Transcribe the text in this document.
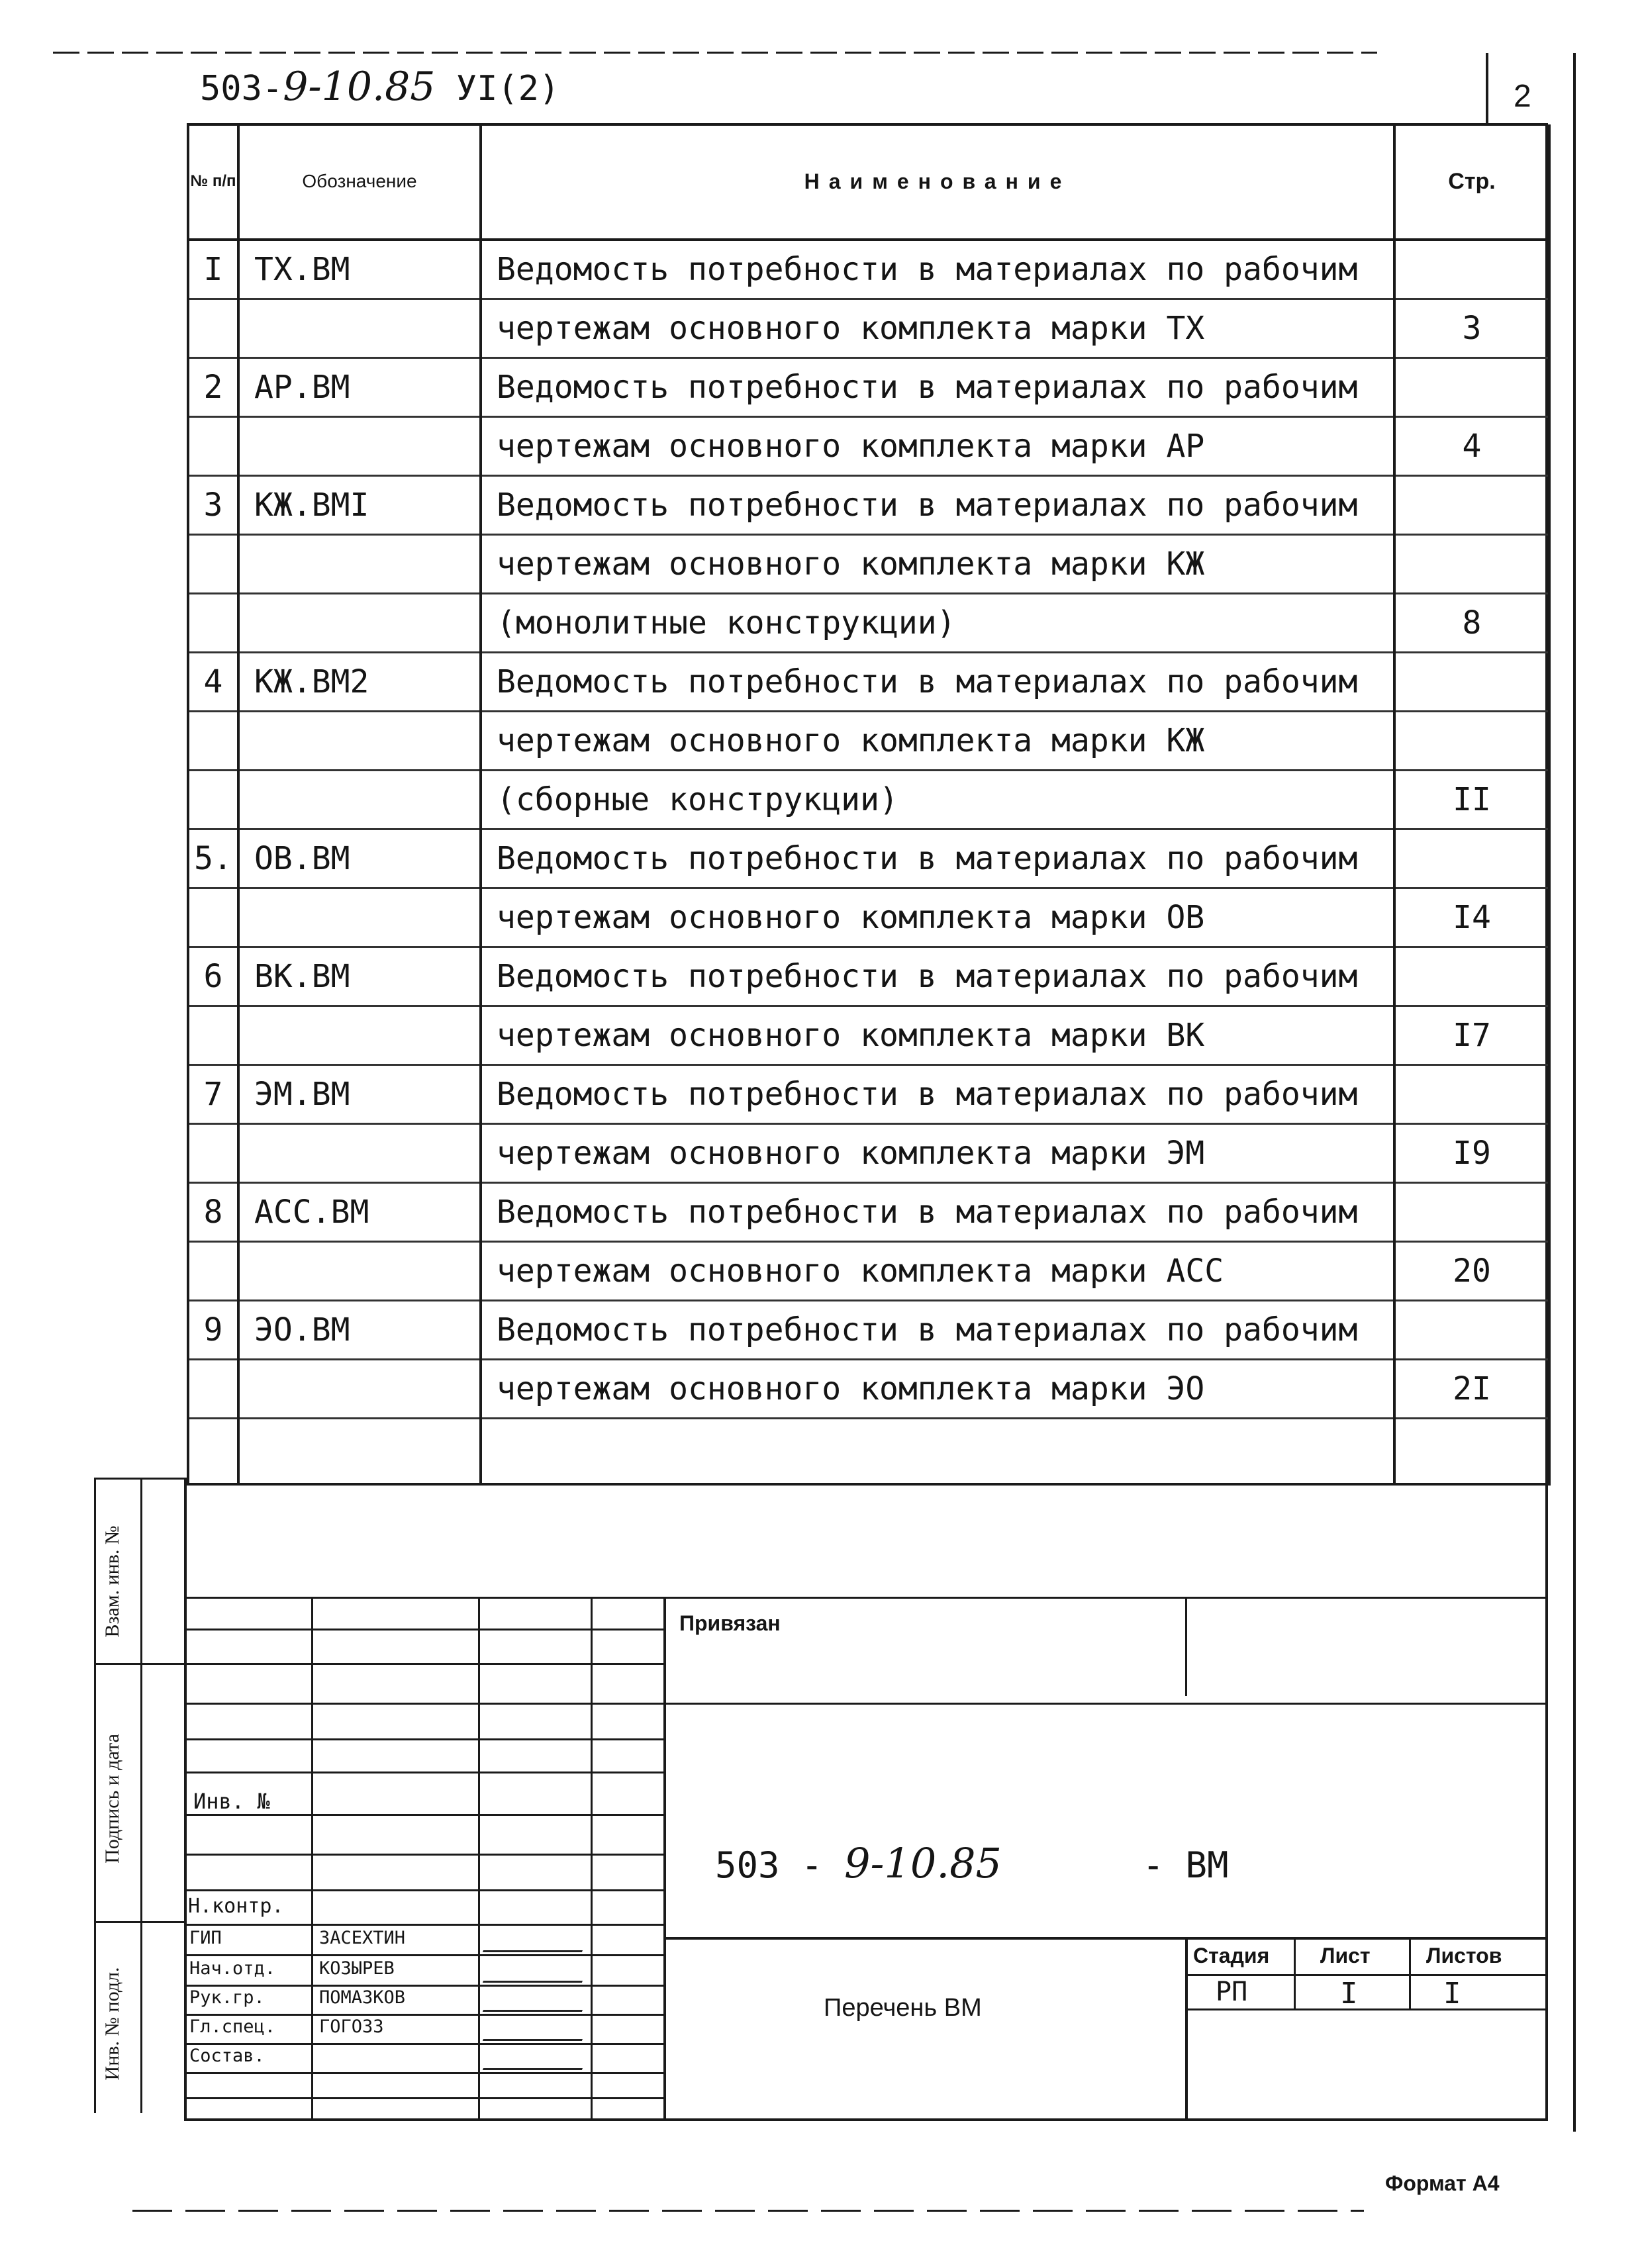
503-9-10.85 УI(2)	2
№ п/п	Обозначение	Наименование	Стр.
I	ТХ.ВМ	Ведомость потребности в материалах по рабочим	
		чертежам основного комплекта марки ТХ	3
2	АР.ВМ	Ведомость потребности в материалах по рабочим	
		чертежам основного комплекта марки АР	4
3	КЖ.ВМI	Ведомость потребности в материалах по рабочим	
		чертежам основного комплекта марки КЖ	
		(монолитные конструкции)	8
4	КЖ.ВМ2	Ведомость потребности в материалах по рабочим	
		чертежам основного комплекта марки КЖ	
		(сборные конструкции)	II
5.	ОВ.ВМ	Ведомость потребности в материалах по рабочим	
		чертежам основного комплекта марки ОВ	I4
6	ВК.ВМ	Ведомость потребности в материалах по рабочим	
		чертежам основного комплекта марки ВК	I7
7	ЭМ.ВМ	Ведомость потребности в материалах по рабочим	
		чертежам основного комплекта марки ЭМ	I9
8	АСС.ВМ	Ведомость потребности в материалах по рабочим	
		чертежам основного комплекта марки АСС	20
9	ЭО.ВМ	Ведомость потребности в материалах по рабочим	
		чертежам основного комплекта марки ЭО	2I

Взам. инв. №
Подпись и дата
Инв. № подл.
Привязан
Инв. №
Н.контр.
ГИП	ЗАСЕХТИН
Нач.отд. КОЗЫРЕВ
Рук.гр.	ПОМАЗКОВ
Гл.спец. ГОГОЗЗ
Состав.
503 - 9-10.85	- ВМ
Перечень ВМ
Стадия Лист	Листов
РП	I	I
Формат А4
